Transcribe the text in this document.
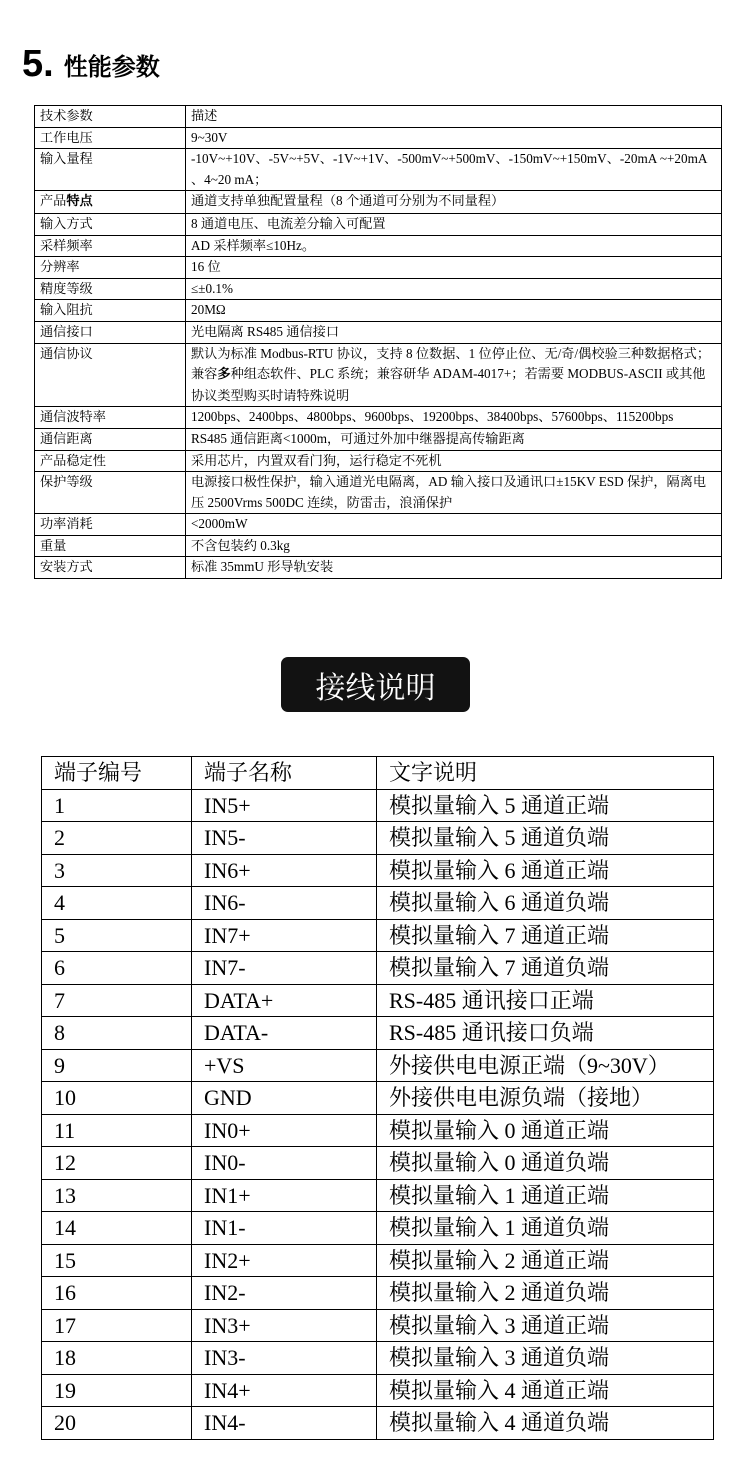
5. 性能参数
技术参数	描述
工作电压	9~30V
输入量程	-10V~+10V、-5V~+5V、-1V~+1V、-500mV~+500mV、-150mV~+150mV、-20mA ~+20mA 、4~20 mA；
产品特点	通道支持单独配置量程（8 个通道可分别为不同量程）
输入方式	8 通道电压、电流差分输入可配置
采样频率	AD 采样频率≤10Hz。
分辨率	16 位
精度等级	≤±0.1%
输入阻抗	20MΩ
通信接口	光电隔离 RS485 通信接口
通信协议	默认为标准 Modbus-RTU 协议，支持 8 位数据、1 位停止位、无/奇/偶校验三种数据格式；兼容多种组态软件、PLC 系统；兼容研华 ADAM-4017+；若需要 MODBUS-ASCII 或其他协议类型购买时请特殊说明
通信波特率	1200bps、2400bps、4800bps、9600bps、19200bps、38400bps、57600bps、115200bps
通信距离	RS485 通信距离<1000m，可通过外加中继器提高传输距离
产品稳定性	采用芯片，内置双看门狗，运行稳定不死机
保护等级	电源接口极性保护，输入通道光电隔离，AD 输入接口及通讯口±15KV ESD 保护，隔离电压 2500Vrms 500DC 连续，防雷击，浪涌保护
功率消耗	<2000mW
重量	不含包装约 0.3kg
安装方式	标准 35mmU 形导轨安装
接线说明
端子编号	端子名称	文字说明
1	IN5+	模拟量输入 5 通道正端
2	IN5-	模拟量输入 5 通道负端
3	IN6+	模拟量输入 6 通道正端
4	IN6-	模拟量输入 6 通道负端
5	IN7+	模拟量输入 7 通道正端
6	IN7-	模拟量输入 7 通道负端
7	DATA+	RS-485 通讯接口正端
8	DATA-	RS-485 通讯接口负端
9	+VS	外接供电电源正端（9~30V）
10	GND	外接供电电源负端（接地）
11	IN0+	模拟量输入 0 通道正端
12	IN0-	模拟量输入 0 通道负端
13	IN1+	模拟量输入 1 通道正端
14	IN1-	模拟量输入 1 通道负端
15	IN2+	模拟量输入 2 通道正端
16	IN2-	模拟量输入 2 通道负端
17	IN3+	模拟量输入 3 通道正端
18	IN3-	模拟量输入 3 通道负端
19	IN4+	模拟量输入 4 通道正端
20	IN4-	模拟量输入 4 通道负端
